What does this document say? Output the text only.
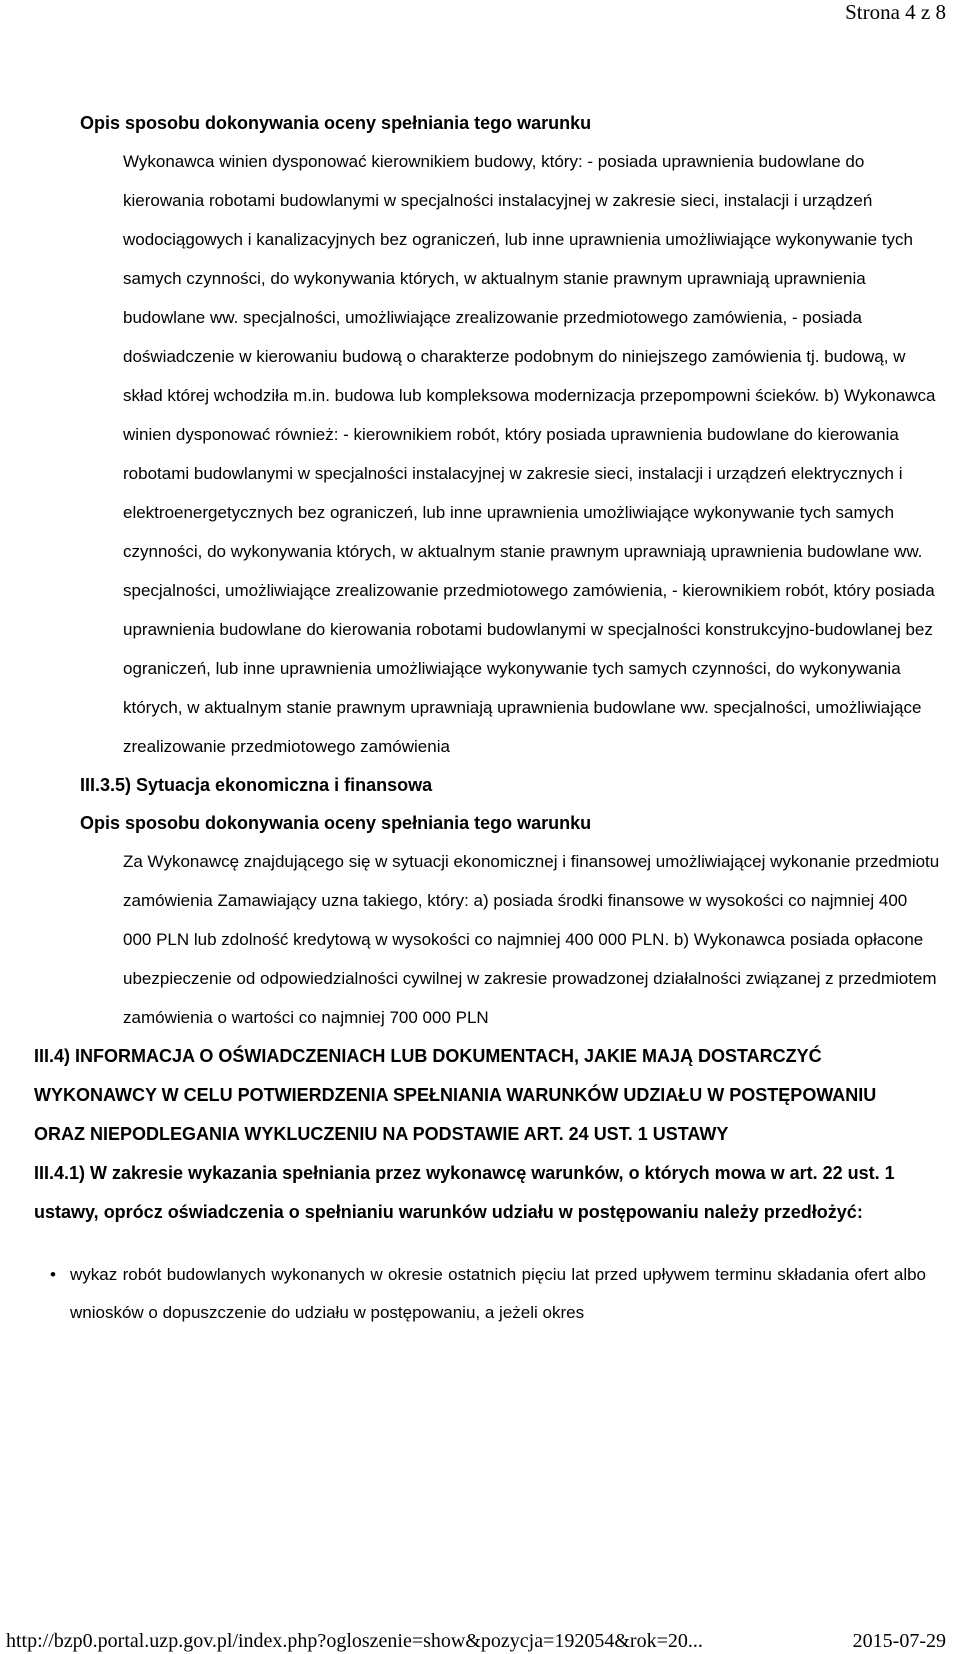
Strona 4 z 8

Opis sposobu dokonywania oceny spełniania tego warunku

Wykonawca winien dysponować kierownikiem budowy, który: - posiada uprawnienia budowlane do kierowania robotami budowlanymi w specjalności instalacyjnej w zakresie sieci, instalacji i urządzeń wodociągowych i kanalizacyjnych bez ograniczeń, lub inne uprawnienia umożliwiające wykonywanie tych samych czynności, do wykonywania których, w aktualnym stanie prawnym uprawniają uprawnienia budowlane ww. specjalności, umożliwiające zrealizowanie przedmiotowego zamówienia, - posiada doświadczenie w kierowaniu budową o charakterze podobnym do niniejszego zamówienia tj. budową, w skład której wchodziła m.in. budowa lub kompleksowa modernizacja przepompowni ścieków. b) Wykonawca winien dysponować również: - kierownikiem robót, który posiada uprawnienia budowlane do kierowania robotami budowlanymi w specjalności instalacyjnej w zakresie sieci, instalacji i urządzeń elektrycznych i elektroenergetycznych bez ograniczeń, lub inne uprawnienia umożliwiające wykonywanie tych samych czynności, do wykonywania których, w aktualnym stanie prawnym uprawniają uprawnienia budowlane ww. specjalności, umożliwiające zrealizowanie przedmiotowego zamówienia, - kierownikiem robót, który posiada uprawnienia budowlane do kierowania robotami budowlanymi w specjalności konstrukcyjno-budowlanej bez ograniczeń, lub inne uprawnienia umożliwiające wykonywanie tych samych czynności, do wykonywania których, w aktualnym stanie prawnym uprawniają uprawnienia budowlane ww. specjalności, umożliwiające zrealizowanie przedmiotowego zamówienia

III.3.5) Sytuacja ekonomiczna i finansowa

Opis sposobu dokonywania oceny spełniania tego warunku

Za Wykonawcę znajdującego się w sytuacji ekonomicznej i finansowej umożliwiającej wykonanie przedmiotu zamówienia Zamawiający uzna takiego, który: a) posiada środki finansowe w wysokości co najmniej 400 000 PLN lub zdolność kredytową w wysokości co najmniej 400 000 PLN. b) Wykonawca posiada opłacone ubezpieczenie od odpowiedzialności cywilnej w zakresie prowadzonej działalności związanej z przedmiotem zamówienia o wartości co najmniej 700 000 PLN

III.4) INFORMACJA O OŚWIADCZENIACH LUB DOKUMENTACH, JAKIE MAJĄ DOSTARCZYĆ WYKONAWCY W CELU POTWIERDZENIA SPEŁNIANIA WARUNKÓW UDZIAŁU W POSTĘPOWANIU ORAZ NIEPODLEGANIA WYKLUCZENIU NA PODSTAWIE ART. 24 UST. 1 USTAWY

III.4.1) W zakresie wykazania spełniania przez wykonawcę warunków, o których mowa w art. 22 ust. 1 ustawy, oprócz oświadczenia o spełnianiu warunków udziału w postępowaniu należy przedłożyć:

• wykaz robót budowlanych wykonanych w okresie ostatnich pięciu lat przed upływem terminu składania ofert albo wniosków o dopuszczenie do udziału w postępowaniu, a jeżeli okres
http://bzp0.portal.uzp.gov.pl/index.php?ogloszenie=show&pozycja=192054&rok=20...	2015-07-29
